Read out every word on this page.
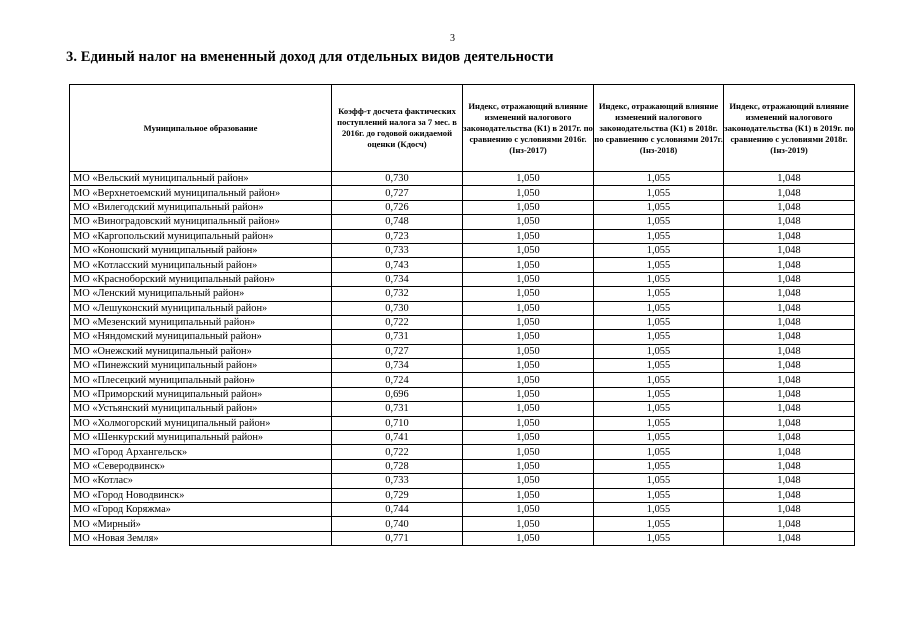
3
3. Единый налог на вмененный доход для отдельных видов деятельности
Муниципальное образование	Коэфф-т досчета фактических поступлений налога за 7 мес. в 2016г. до годовой ожидаемой оценки (Кдосч)	Индекс, отражающий влияние изменений налогового законодательства (К1) в 2017г. по сравнению с условиями 2016г. (Iнз-2017)	Индекс, отражающий влияние изменений налогового законодательства (К1) в 2018г. по сравнению с условиями 2017г. (Iнз-2018)	Индекс, отражающий влияние изменений налогового законодательства (К1) в 2019г. по сравнению с условиями 2018г. (Iнз-2019)
МО «Вельский муниципальный район»	0,730	1,050	1,055	1,048
МО «Верхнетоемский муниципальный район»	0,727	1,050	1,055	1,048
МО «Вилегодский муниципальный район»	0,726	1,050	1,055	1,048
МО «Виноградовский муниципальный район»	0,748	1,050	1,055	1,048
МО «Каргопольский муниципальный район»	0,723	1,050	1,055	1,048
МО «Коношский муниципальный район»	0,733	1,050	1,055	1,048
МО «Котласский муниципальный район»	0,743	1,050	1,055	1,048
МО «Красноборский муниципальный район»	0,734	1,050	1,055	1,048
МО «Ленский муниципальный район»	0,732	1,050	1,055	1,048
МО «Лешуконский муниципальный район»	0,730	1,050	1,055	1,048
МО «Мезенский муниципальный район»	0,722	1,050	1,055	1,048
МО «Няндомский муниципальный район»	0,731	1,050	1,055	1,048
МО «Онежский муниципальный район»	0,727	1,050	1,055	1,048
МО «Пинежский муниципальный район»	0,734	1,050	1,055	1,048
МО «Плесецкий муниципальный район»	0,724	1,050	1,055	1,048
МО «Приморский муниципальный район»	0,696	1,050	1,055	1,048
МО «Устьянский муниципальный район»	0,731	1,050	1,055	1,048
МО «Холмогорский муниципальный район»	0,710	1,050	1,055	1,048
МО «Шенкурский муниципальный район»	0,741	1,050	1,055	1,048
МО «Город Архангельск»	0,722	1,050	1,055	1,048
МО «Северодвинск»	0,728	1,050	1,055	1,048
МО «Котлас»	0,733	1,050	1,055	1,048
МО «Город Новодвинск»	0,729	1,050	1,055	1,048
МО «Город Коряжма»	0,744	1,050	1,055	1,048
МО «Мирный»	0,740	1,050	1,055	1,048
МО «Новая Земля»	0,771	1,050	1,055	1,048
